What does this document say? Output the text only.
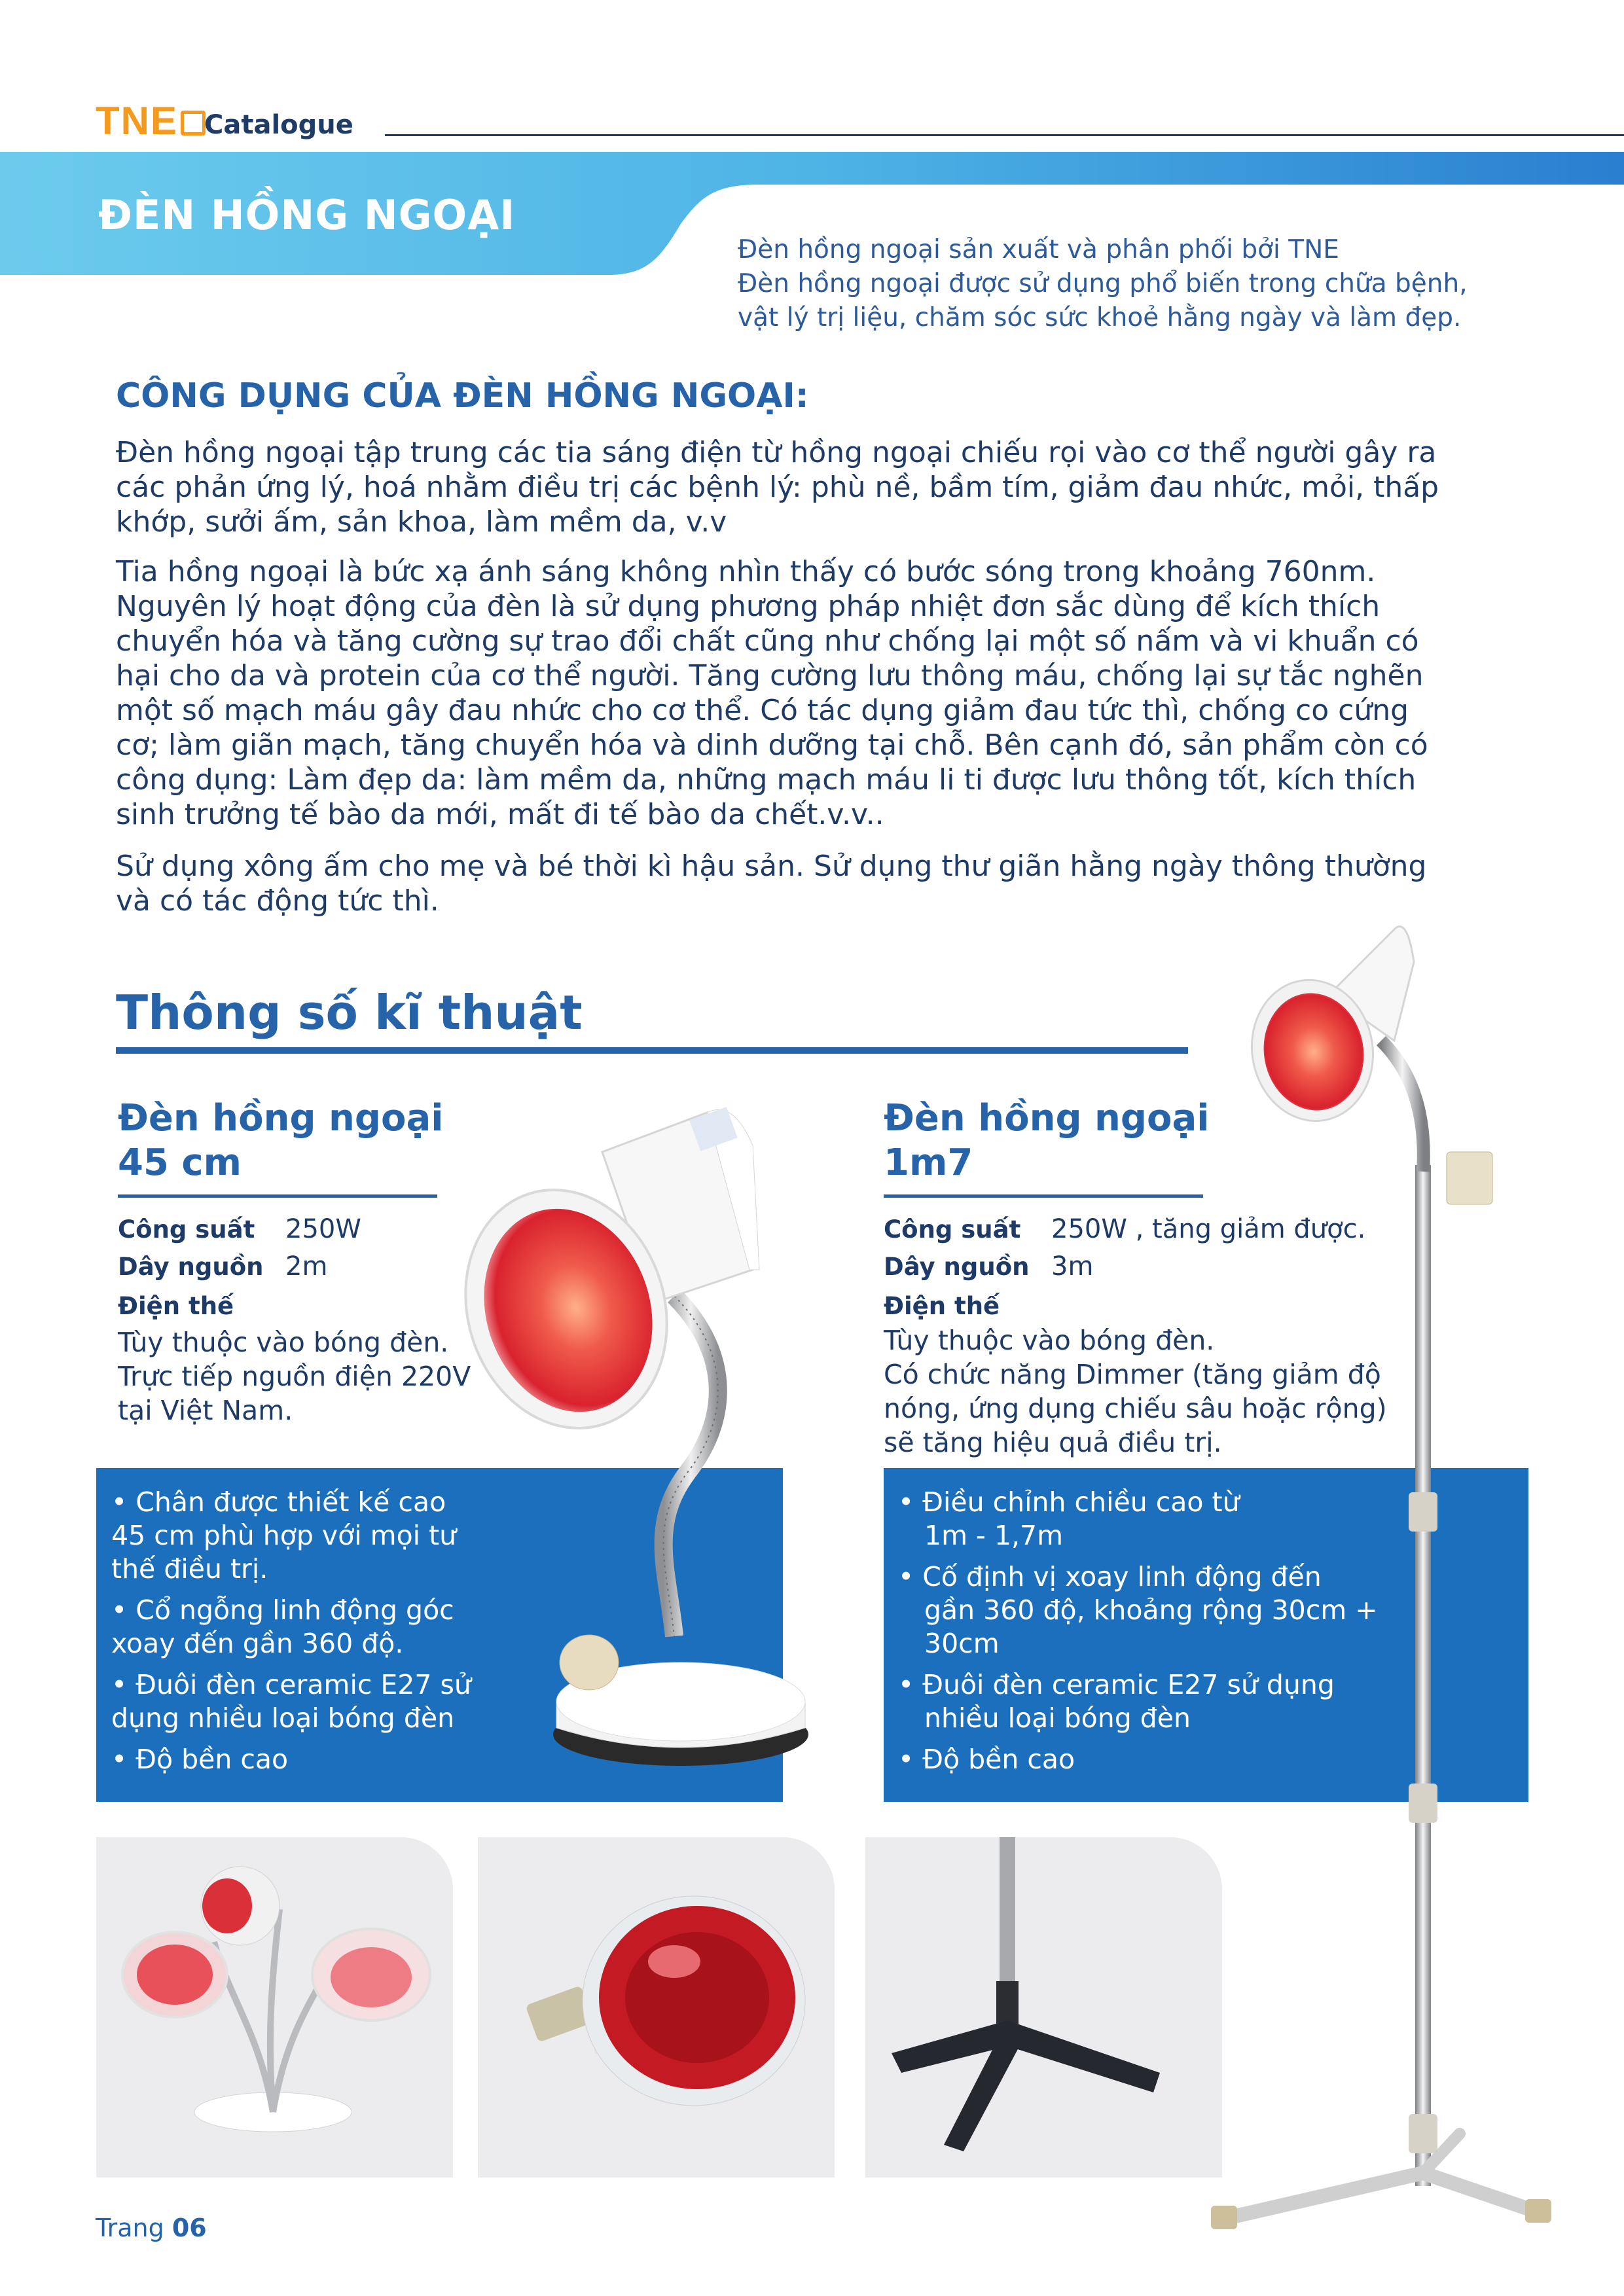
TNE	Catalogue
ĐÈN HỒNG NGOẠI
Đèn hồng ngoại sản xuất và phân phối bởi TNE
Đèn hồng ngoại được sử dụng phổ biến trong chữa bệnh,
vật lý trị liệu, chăm sóc sức khoẻ hằng ngày và làm đẹp.
CÔNG DỤNG CỦA ĐÈN HỒNG NGOẠI:
Đèn hồng ngoại tập trung các tia sáng điện từ hồng ngoại chiếu rọi vào cơ thể người gây ra
các phản ứng lý, hoá nhằm điều trị các bệnh lý: phù nề, bầm tím, giảm đau nhức, mỏi, thấp
khớp, sưởi ấm, sản khoa, làm mềm da, v.v
Tia hồng ngoại là bức xạ ánh sáng không nhìn thấy có bước sóng trong khoảng 760nm.
Nguyên lý hoạt động của đèn là sử dụng phương pháp nhiệt đơn sắc dùng để kích thích
chuyển hóa và tăng cường sự trao đổi chất cũng như chống lại một số nấm và vi khuẩn có
hại cho da và protein của cơ thể người. Tăng cường lưu thông máu, chống lại sự tắc nghẽn
một số mạch máu gây đau nhức cho cơ thể. Có tác dụng giảm đau tức thì, chống co cứng
cơ; làm giãn mạch, tăng chuyển hóa và dinh dưỡng tại chỗ. Bên cạnh đó, sản phẩm còn có
công dụng: Làm đẹp da: làm mềm da, những mạch máu li ti được lưu thông tốt, kích thích
sinh trưởng tế bào da mới, mất đi tế bào da chết.v.v..
Sử dụng xông ấm cho mẹ và bé thời kì hậu sản. Sử dụng thư giãn hằng ngày thông thường
và có tác động tức thì.
Thông số kĩ thuật
Đèn hồng ngoại
45 cm
Công suất 250W
Dây nguồn 2m
Điện thế
Tùy thuộc vào bóng đèn.
Trực tiếp nguồn điện 220V
tại Việt Nam.
• Chân được thiết kế cao
45 cm phù hợp với mọi tư
thế điều trị.
• Cổ ngỗng linh động góc
xoay đến gần 360 độ.
• Đuôi đèn ceramic E27 sử
dụng nhiều loại bóng đèn
• Độ bền cao
Đèn hồng ngoại
1m7
Công suất 250W , tăng giảm được.
Dây nguồn 3m
Điện thế
Tùy thuộc vào bóng đèn.
Có chức năng Dimmer (tăng giảm độ
nóng, ứng dụng chiếu sâu hoặc rộng)
sẽ tăng hiệu quả điều trị.
• Điều chỉnh chiều cao từ
1m - 1,7m
• Cố định vị xoay linh động đến
gần 360 độ, khoảng rộng 30cm +
30cm
• Đuôi đèn ceramic E27 sử dụng
nhiều loại bóng đèn
• Độ bền cao
Trang 06
